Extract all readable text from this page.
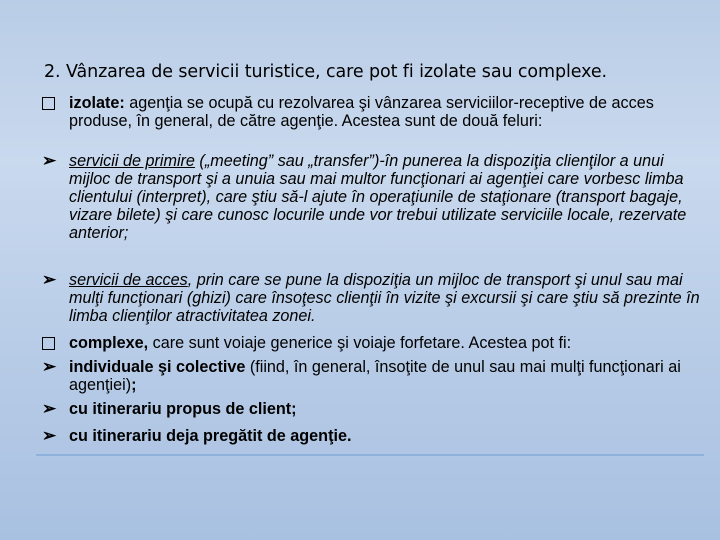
2. Vânzarea de servicii turistice, care pot fi izolate sau complexe.
izolate: agenţia se ocupă cu rezolvarea şi vânzarea serviciilor-receptive de acces produse, în general, de către agenţie. Acestea sunt de două feluri:
➢ servicii de primire („meeting” sau „transfer”)-în punerea la dispoziţia clienţilor a unui mijloc de transport şi a unuia sau mai multor funcţionari ai agenţiei care vorbesc limba clientului (interpret), care ştiu să-l ajute în operaţiunile de staţionare (transport bagaje, vizare bilete) şi care cunosc locurile unde vor trebui utilizate serviciile locale, rezervate anterior;
➢ servicii de acces, prin care se pune la dispoziţia un mijloc de transport şi unul sau mai mulţi funcţionari (ghizi) care însoţesc clienţii în vizite şi excursii şi care ştiu să prezinte în limba clienţilor atractivitatea zonei.
complexe, care sunt voiaje generice şi voiaje forfetare. Acestea pot fi:
➢ individuale şi colective (fiind, în general, însoţite de unul sau mai mulţi funcţionari ai agenţiei);
➢ cu itinerariu propus de client;
➢ cu itinerariu deja pregătit de agenţie.
